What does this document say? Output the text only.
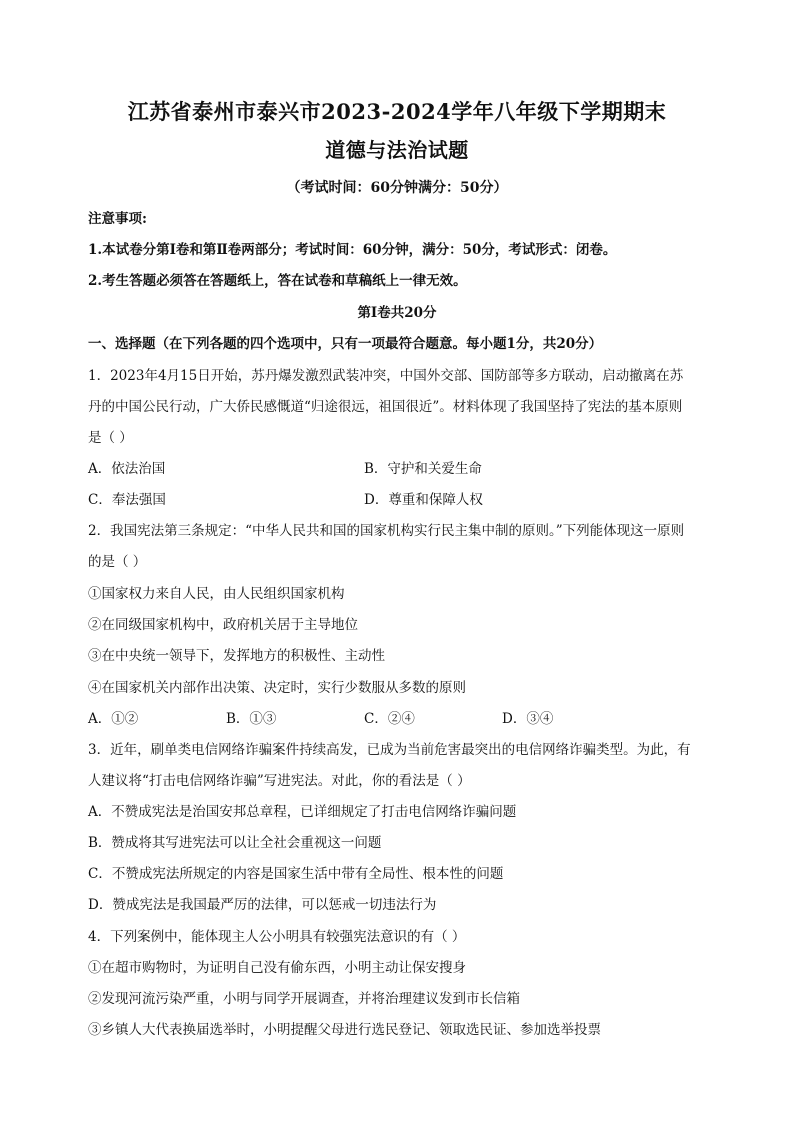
江苏省泰州市泰兴市2023-2024学年八年级下学期期末
道德与法治试题
（考试时间：60分钟满分：50分）
注意事项:
1.本试卷分第Ⅰ卷和第Ⅱ卷两部分；考试时间：60分钟，满分：50分，考试形式：闭卷。
2.考生答题必须答在答题纸上，答在试卷和草稿纸上一律无效。
第Ⅰ卷共20分
一、选择题（在下列各题的四个选项中，只有一项最符合题意。每小题1分，共20分）
1．2023年4月15日开始，苏丹爆发激烈武装冲突，中国外交部、国防部等多方联动，启动撤离在苏
丹的中国公民行动，广大侨民感慨道“归途很远，祖国很近”。材料体现了我国坚持了宪法的基本原则
是（ ）
A．依法治国	B．守护和关爱生命
C．奉法强国	D．尊重和保障人权
2．我国宪法第三条规定：“中华人民共和国的国家机构实行民主集中制的原则。”下列能体现这一原则
的是（ ）
①国家权力来自人民，由人民组织国家机构
②在同级国家机构中，政府机关居于主导地位
③在中央统一领导下，发挥地方的积极性、主动性
④在国家机关内部作出决策、决定时，实行少数服从多数的原则
A．①②	B．①③	C．②④	D．③④
3．近年，刷单类电信网络诈骗案件持续高发，已成为当前危害最突出的电信网络诈骗类型。为此，有
人建议将“打击电信网络诈骗”写进宪法。对此，你的看法是（ ）
A．不赞成宪法是治国安邦总章程，已详细规定了打击电信网络诈骗问题
B．赞成将其写进宪法可以让全社会重视这一问题
C．不赞成宪法所规定的内容是国家生活中带有全局性、根本性的问题
D．赞成宪法是我国最严厉的法律，可以惩戒一切违法行为
4．下列案例中，能体现主人公小明具有较强宪法意识的有（ ）
①在超市购物时，为证明自己没有偷东西，小明主动让保安搜身
②发现河流污染严重，小明与同学开展调查，并将治理建议发到市长信箱
③乡镇人大代表换届选举时，小明提醒父母进行选民登记、领取选民证、参加选举投票
